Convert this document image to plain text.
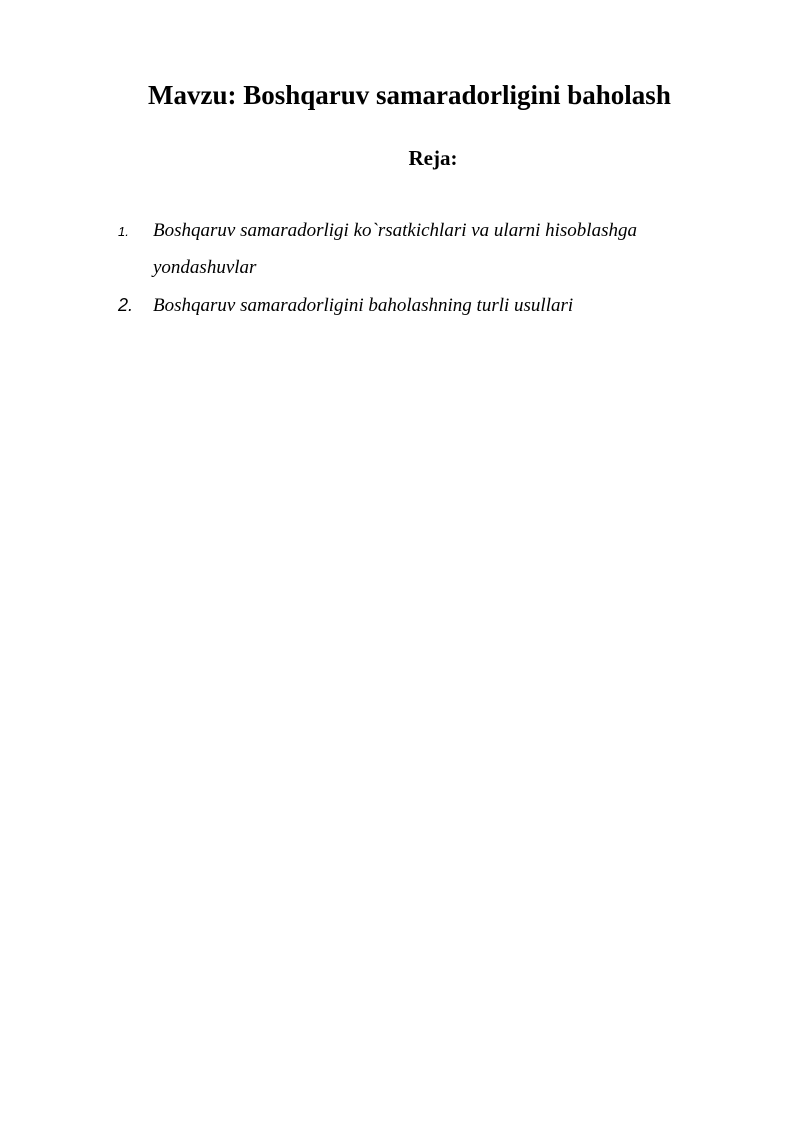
Mavzu: Boshqaruv samaradorligini baholash
Reja:
1. Boshqaruv samaradorligi ko`rsatkichlari va ularni hisoblashga
yondashuvlar
2. Boshqaruv samaradorligini baholashning turli usullari
